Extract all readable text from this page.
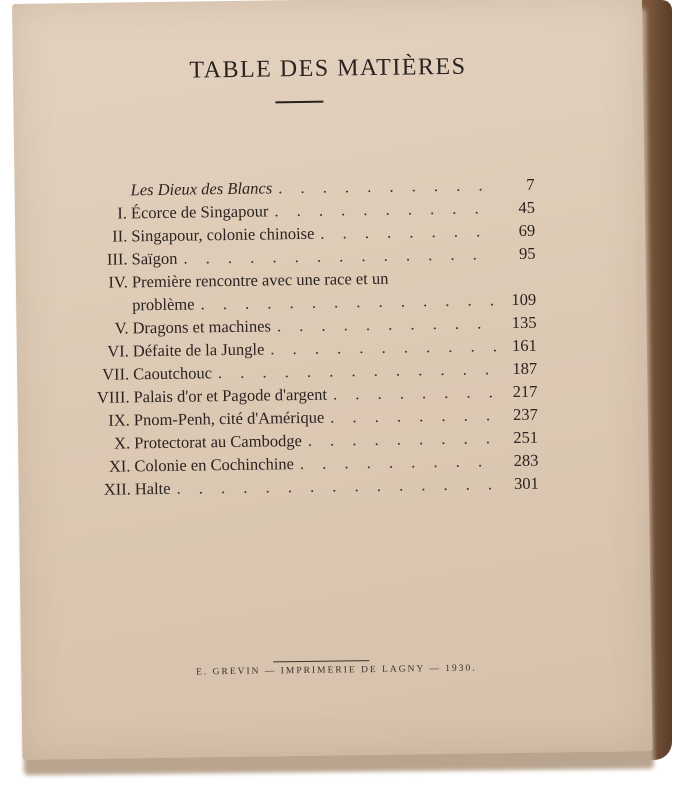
TABLE DES MATIÈRES
Les Dieux des Blancs . . .	7
I. Écorce de Singapour . . .	45
II. Singapour, colonie chinoise . . .	69
III. Saïgon . . .	95
IV. Première rencontre avec une race et un
problème . . .	109
V. Dragons et machines . . .	135
VI. Défaite de la Jungle . . .	161
VII. Caoutchouc . . .	187
VIII. Palais d'or et Pagode d'argent . . .	217
IX. Pnom-Penh, cité d'Amérique . . .	237
X. Protectorat au Cambodge . . .	251
XI. Colonie en Cochinchine . . .	283
XII. Halte . . .	301
E. GREVIN — IMPRIMERIE DE LAGNY — 1930.
